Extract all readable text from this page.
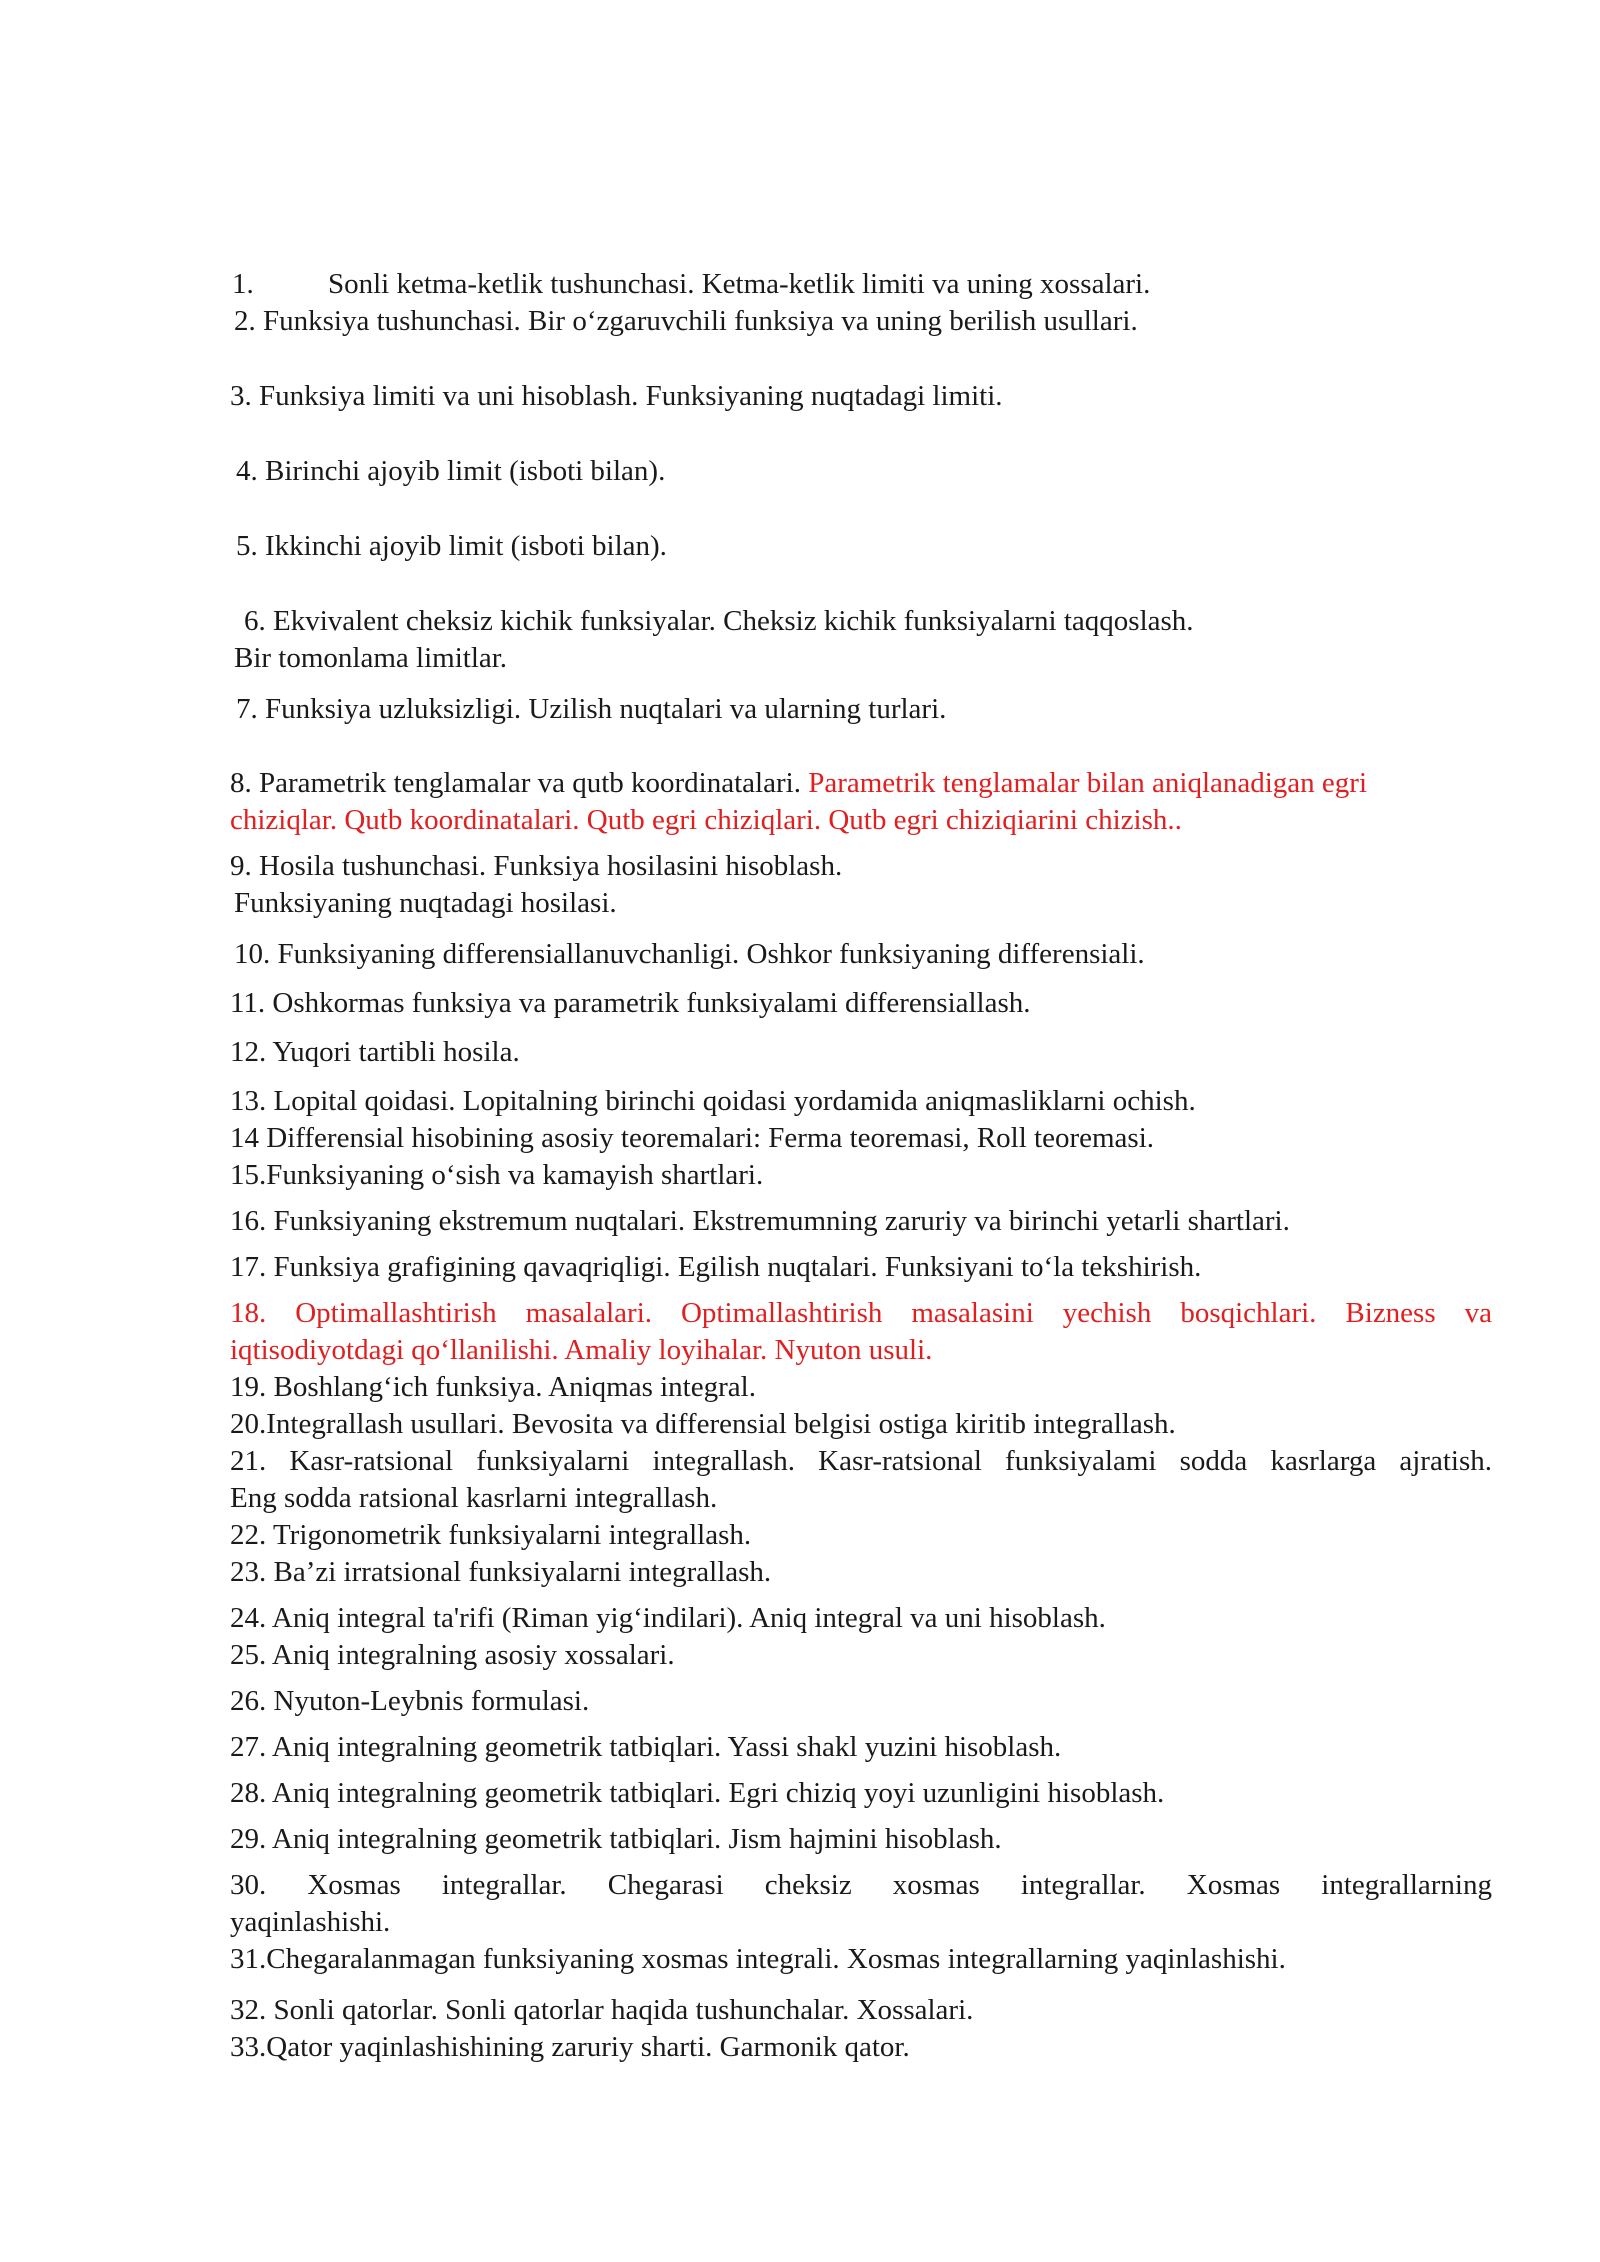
1.	Sonli ketma-ketlik tushunchasi. Ketma-ketlik limiti va uning xossalari.
2. Funksiya tushunchasi. Bir o‘zgaruvchili funksiya va uning berilish usullari.
3. Funksiya limiti va uni hisoblash. Funksiyaning nuqtadagi limiti.
4. Birinchi ajoyib limit (isboti bilan).
5. Ikkinchi ajoyib limit (isboti bilan).
6. Ekvivalent cheksiz kichik funksiyalar. Cheksiz kichik funksiyalarni taqqoslash.
Bir tomonlama limitlar.
7. Funksiya uzluksizligi. Uzilish nuqtalari va ularning turlari.
8. Parametrik tenglamalar va qutb koordinatalari. Parametrik tenglamalar bilan aniqlanadigan egri
chiziqlar. Qutb koordinatalari. Qutb egri chiziqlari. Qutb egri chiziqiarini chizish..
9. Hosila tushunchasi. Funksiya hosilasini hisoblash.
Funksiyaning nuqtadagi hosilasi.
10. Funksiyaning differensiallanuvchanligi. Oshkor funksiyaning differensiali.
11. Oshkormas funksiya va parametrik funksiyalami differensiallash.
12. Yuqori tartibli hosila.
13. Lopital qoidasi. Lopitalning birinchi qoidasi yordamida aniqmasliklarni ochish.
14 Differensial hisobining asosiy teoremalari: Ferma teoremasi, Roll teoremasi.
15.Funksiyaning o‘sish va kamayish shartlari.
16. Funksiyaning ekstremum nuqtalari. Ekstremumning zaruriy va birinchi yetarli shartlari.
17. Funksiya grafigining qavaqriqligi. Egilish nuqtalari. Funksiyani to‘la tekshirish.
18. Optimallashtirish masalalari. Optimallashtirish masalasini yechish bosqichlari. Bizness va
iqtisodiyotdagi qo‘llanilishi. Amaliy loyihalar. Nyuton usuli.
19. Boshlang‘ich funksiya. Aniqmas integral.
20.Integrallash usullari. Bevosita va differensial belgisi ostiga kiritib integrallash.
21. Kasr-ratsional funksiyalarni integrallash. Kasr-ratsional funksiyalami sodda kasrlarga ajratish.
Eng sodda ratsional kasrlarni integrallash.
22. Trigonometrik funksiyalarni integrallash.
23. Ba’zi irratsional funksiyalarni integrallash.
24. Aniq integral ta'rifi (Riman yig‘indilari). Aniq integral va uni hisoblash.
25. Aniq integralning asosiy xossalari.
26. Nyuton-Leybnis formulasi.
27. Aniq integralning geometrik tatbiqlari. Yassi shakl yuzini hisoblash.
28. Aniq integralning geometrik tatbiqlari. Egri chiziq yoyi uzunligini hisoblash.
29. Aniq integralning geometrik tatbiqlari. Jism hajmini hisoblash.
30. Xosmas integrallar. Chegarasi cheksiz xosmas integrallar. Xosmas integrallarning
yaqinlashishi.
31.Chegaralanmagan funksiyaning xosmas integrali. Xosmas integrallarning yaqinlashishi.
32. Sonli qatorlar. Sonli qatorlar haqida tushunchalar. Xossalari.
33.Qator yaqinlashishining zaruriy sharti. Garmonik qator.
